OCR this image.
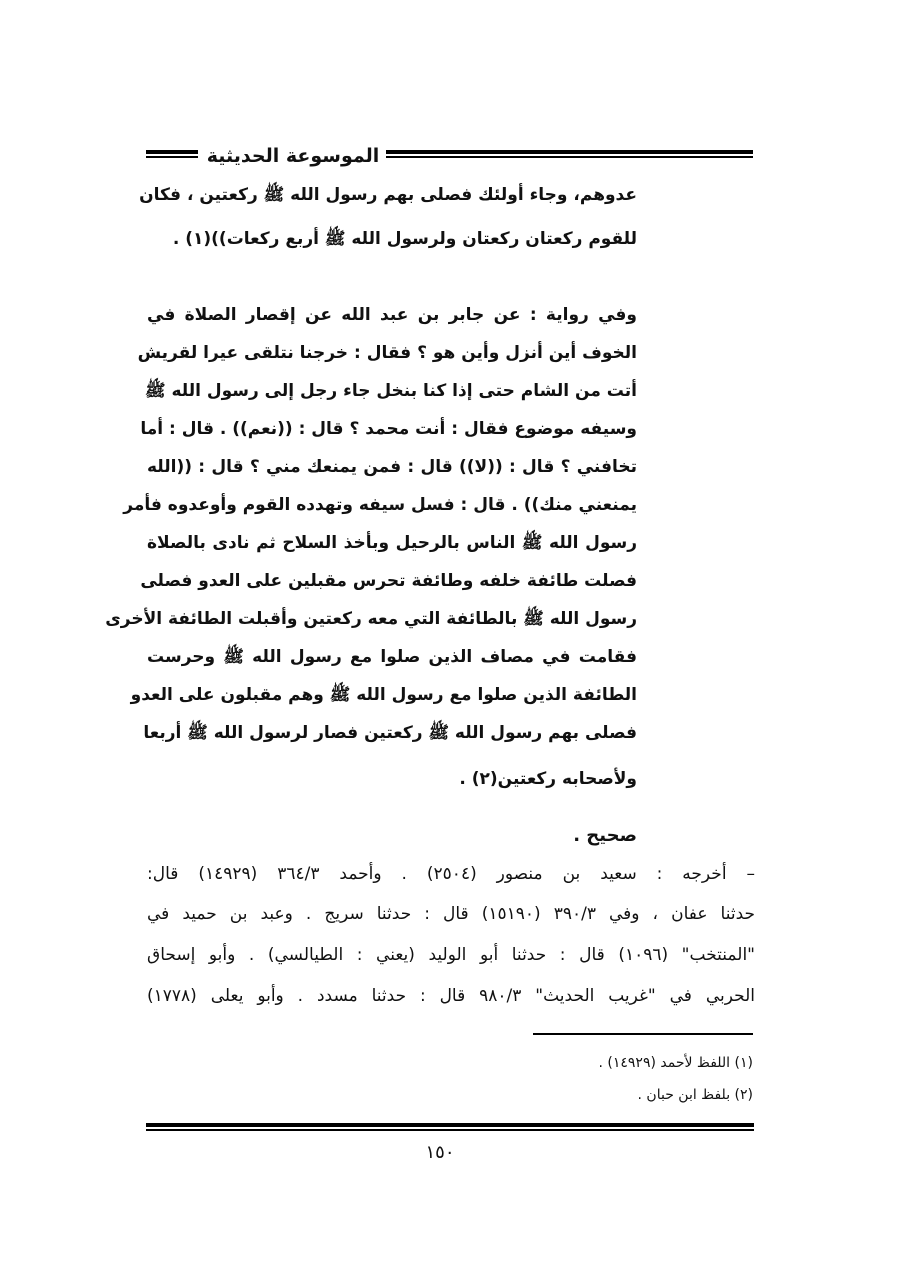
الموسوعة الحديثية
عدوهم، وجاء أولئك فصلى بهم رسول الله ﷺ ركعتين ، فكان
للقوم ركعتان ركعتان ولرسول الله ﷺ أربع ركعات))(١) .
وفي رواية : عن جابر بن عبد الله عن إقصار الصلاة في
الخوف أين أنزل وأين هو ؟ فقال : خرجنا نتلقى عيرا لقريش
أتت من الشام حتى إذا كنا بنخل جاء رجل إلى رسول الله ﷺ
وسيفه موضوع فقال : أنت محمد ؟ قال : ((نعم)) . قال : أما
تخافني ؟ قال : ((لا)) قال : فمن يمنعك مني ؟ قال : ((الله
يمنعني منك)) . قال : فسل سيفه وتهدده القوم وأوعدوه فأمر
رسول الله ﷺ الناس بالرحيل وبأخذ السلاح ثم نادى بالصلاة
فصلت طائفة خلفه وطائفة تحرس مقبلين على العدو فصلى
رسول الله ﷺ بالطائفة التي معه ركعتين وأقبلت الطائفة الأخرى
فقامت في مصاف الذين صلوا مع رسول الله ﷺ وحرست
الطائفة الذين صلوا مع رسول الله ﷺ وهم مقبلون على العدو
فصلى بهم رسول الله ﷺ ركعتين فصار لرسول الله ﷺ أربعا
ولأصحابه ركعتين(٢) .
صحيح .
– أخرجه : سعيد بن منصور (٢٥٠٤) . وأحمد ٣٦٤/٣ (١٤٩٢٩) قال:
حدثنا عفان ، وفي ٣٩٠/٣ (١٥١٩٠) قال : حدثنا سريج . وعبد بن حميد في
"المنتخب" (١٠٩٦) قال : حدثنا أبو الوليد (يعني : الطيالسي) . وأبو إسحاق
الحربي في "غريب الحديث" ٩٨٠/٣ قال : حدثنا مسدد . وأبو يعلى (١٧٧٨)
(١) اللفظ لأحمد (١٤٩٢٩) .
(٢) بلفظ ابن حبان .
١٥٠
